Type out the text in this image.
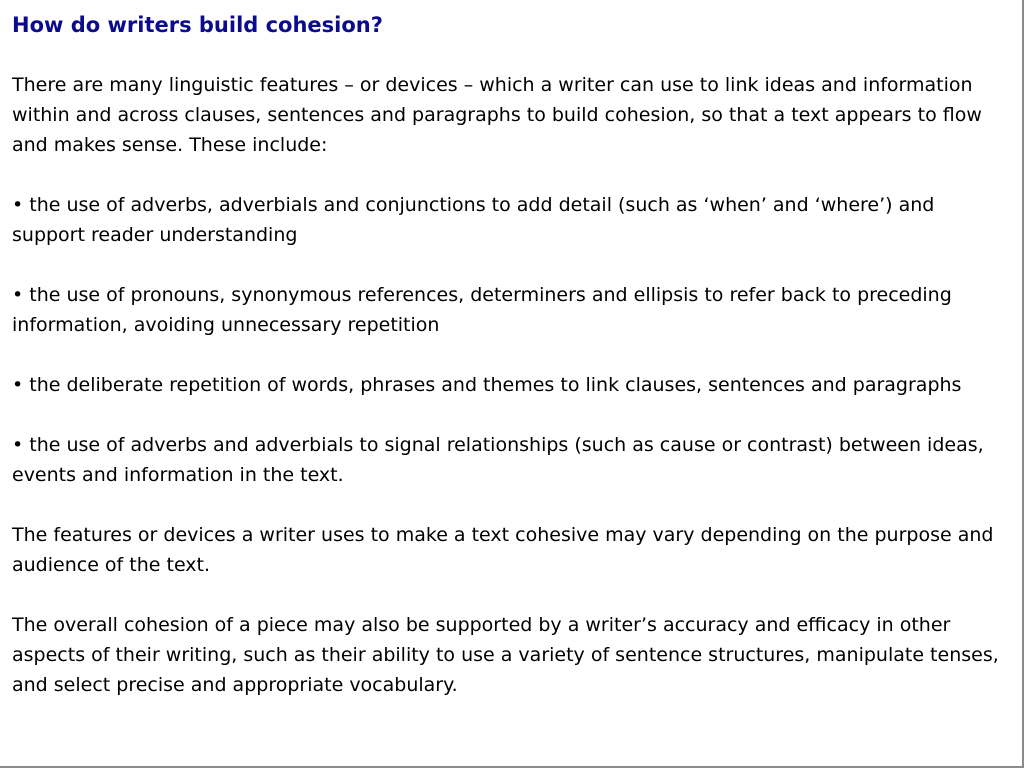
How do writers build cohesion?

There are many linguistic features – or devices – which a writer can use to link ideas and information within and across clauses, sentences and paragraphs to build cohesion, so that a text appears to flow and makes sense. These include:

• the use of adverbs, adverbials and conjunctions to add detail (such as ‘when’ and ‘where’) and support reader understanding

• the use of pronouns, synonymous references, determiners and ellipsis to refer back to preceding information, avoiding unnecessary repetition

• the deliberate repetition of words, phrases and themes to link clauses, sentences and paragraphs

• the use of adverbs and adverbials to signal relationships (such as cause or contrast) between ideas, events and information in the text.

The features or devices a writer uses to make a text cohesive may vary depending on the purpose and audience of the text.

The overall cohesion of a piece may also be supported by a writer’s accuracy and efficacy in other aspects of their writing, such as their ability to use a variety of sentence structures, manipulate tenses, and select precise and appropriate vocabulary.
